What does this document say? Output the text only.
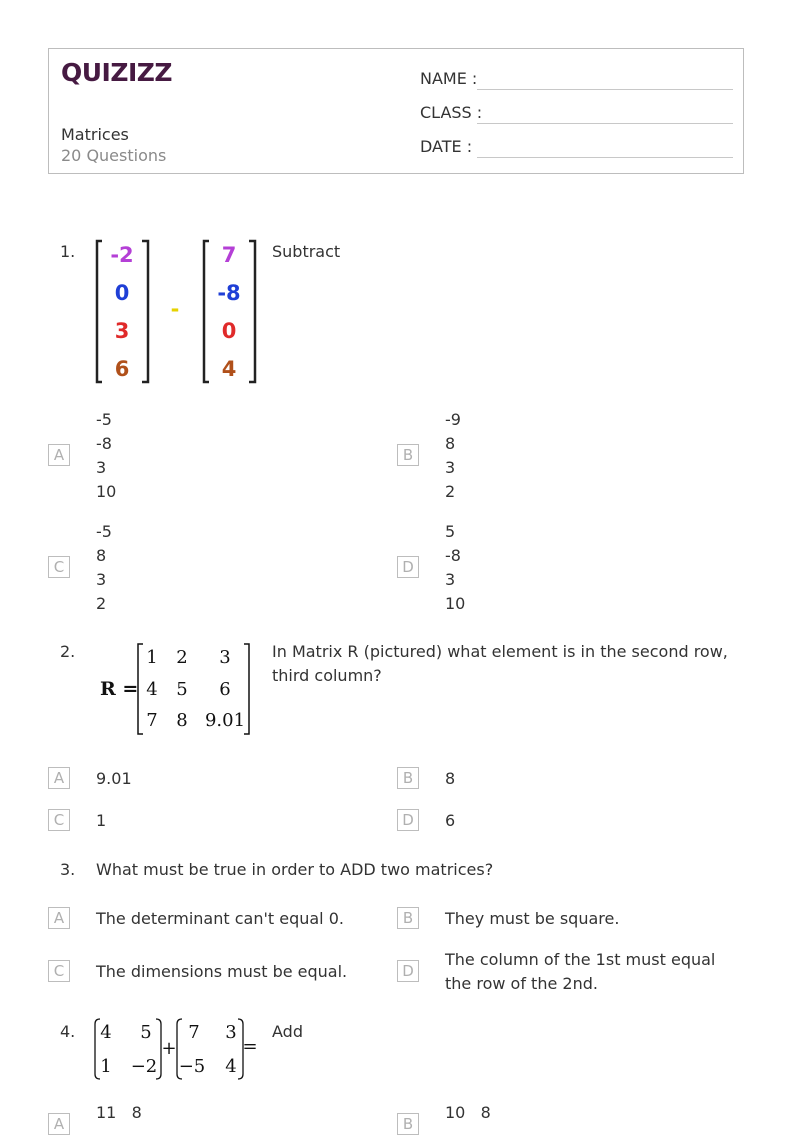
QUIZIZZ
Matrices
20 Questions
NAME :
CLASS :
DATE :
1. -2
0
3
6
-
7
-8
0
4
Subtract
A
-5
-8
3
10
B
-9
8
3
2
C
-5
8
3
2
D
5
-8
3
10
2.
R =
1 2 3
4 5 6
7 8 9.01
In Matrix R (pictured) what element is in the second row, third column?
A	9.01	B	8
C	1	D	6
3. What must be true in order to ADD two matrices?
A	The determinant can't equal 0.	B	They must be square.
C	The dimensions must be equal.	D
The column of the 1st must equal the row of the 2nd.
4. 4 5
1 −2
+
7 3
−5 4
=
Add
A
11   8
B
10   8
